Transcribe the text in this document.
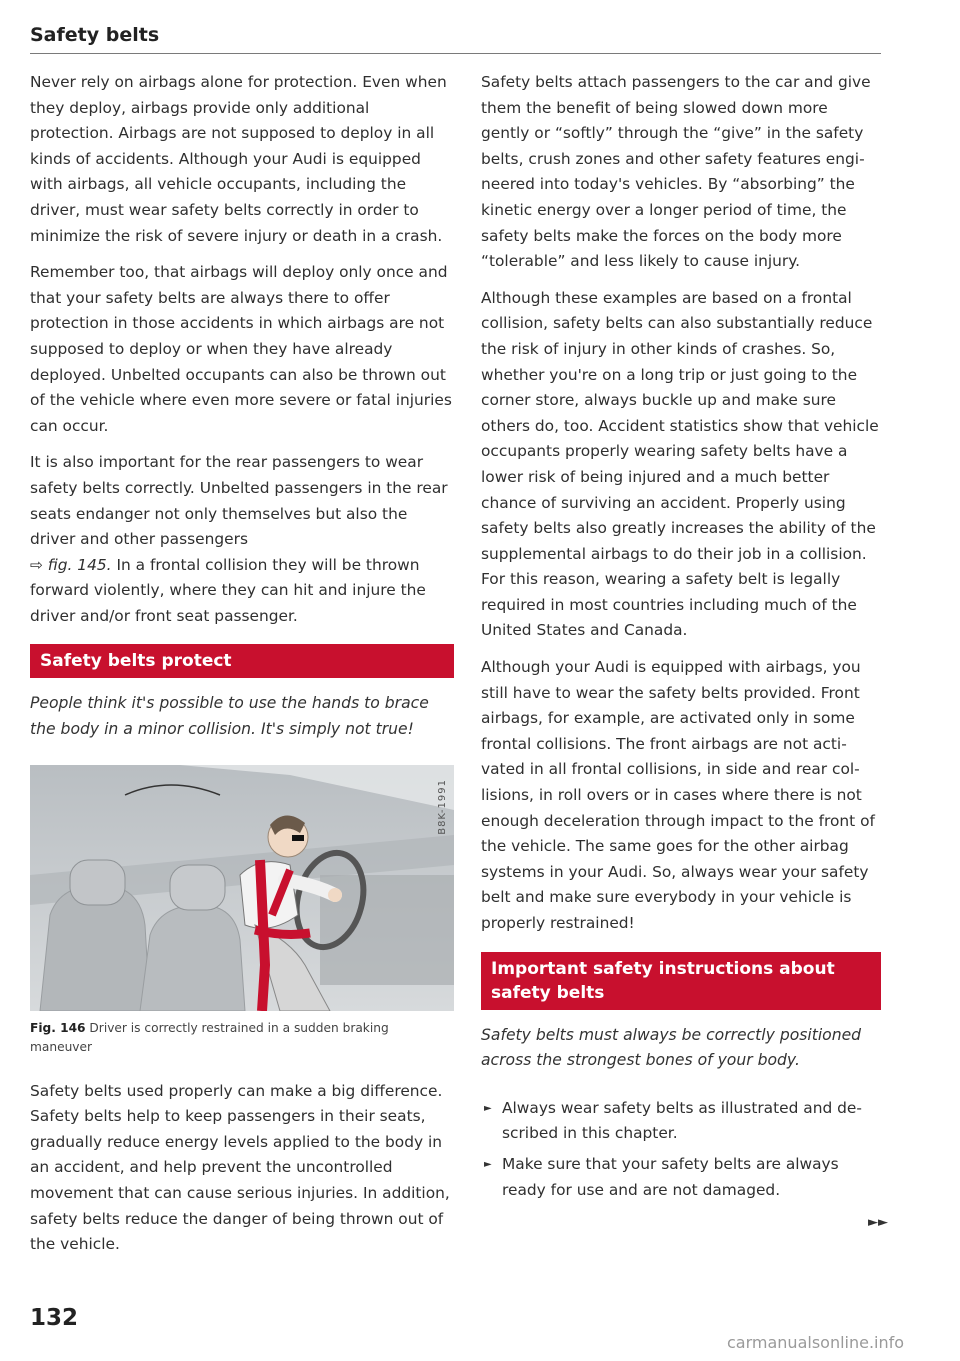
Safety belts

Never rely on airbags alone for protection. Even when they deploy, airbags provide only additional protection. Airbags are not supposed to deploy in all kinds of accidents. Although your Audi is equipped with airbags, all vehicle occupants, including the driver, must wear safety belts correctly in order to minimize the risk of severe injury or death in a crash.

Remember too, that airbags will deploy only once and that your safety belts are always there to offer protection in those accidents in which airbags are not supposed to deploy or when they have already deployed. Unbelted occupants can also be thrown out of the vehicle where even more severe or fatal injuries can occur.

It is also important for the rear passengers to wear safety belts correctly. Unbelted passengers in the rear seats endanger not only themselves but also the driver and other passengers
⇨ fig. 145. In a frontal collision they will be thrown forward violently, where they can hit and injure the driver and/or front seat passenger.

Safety belts protect

People think it's possible to use the hands to brace the body in a minor collision. It's simply not true!

B8K-1991
Fig. 146 Driver is correctly restrained in a sudden braking maneuver

Safety belts used properly can make a big difference. Safety belts help to keep passengers in their seats, gradually reduce energy levels applied to the body in an accident, and help prevent the uncontrolled movement that can cause serious injuries. In addition, safety belts reduce the danger of being thrown out of the vehicle.

Safety belts attach passengers to the car and give them the benefit of being slowed down more gently or “softly” through the “give” in the safety belts, crush zones and other safety features engineered into today's vehicles. By “absorbing” the kinetic energy over a longer period of time, the safety belts make the forces on the body more “tolerable” and less likely to cause injury.

Although these examples are based on a frontal collision, safety belts can also substantially reduce the risk of injury in other kinds of crashes. So, whether you're on a long trip or just going to the corner store, always buckle up and make sure others do, too. Accident statistics show that vehicle occupants properly wearing safety belts have a lower risk of being injured and a much better chance of surviving an accident. Properly using safety belts also greatly increases the ability of the supplemental airbags to do their job in a collision. For this reason, wearing a safety belt is legally required in most countries including much of the United States and Canada.

Although your Audi is equipped with airbags, you still have to wear the safety belts provided. Front airbags, for example, are activated only in some frontal collisions. The front airbags are not activated in all frontal collisions, in side and rear collisions, in roll overs or in cases where there is not enough deceleration through impact to the front of the vehicle. The same goes for the other airbag systems in your Audi. So, always wear your safety belt and make sure everybody in your vehicle is properly restrained!

Important safety instructions about safety belts

Safety belts must always be correctly positioned across the strongest bones of your body.

► Always wear safety belts as illustrated and described in this chapter.
► Make sure that your safety belts are always ready for use and are not damaged.
►►
132
carmanualsonline.info
